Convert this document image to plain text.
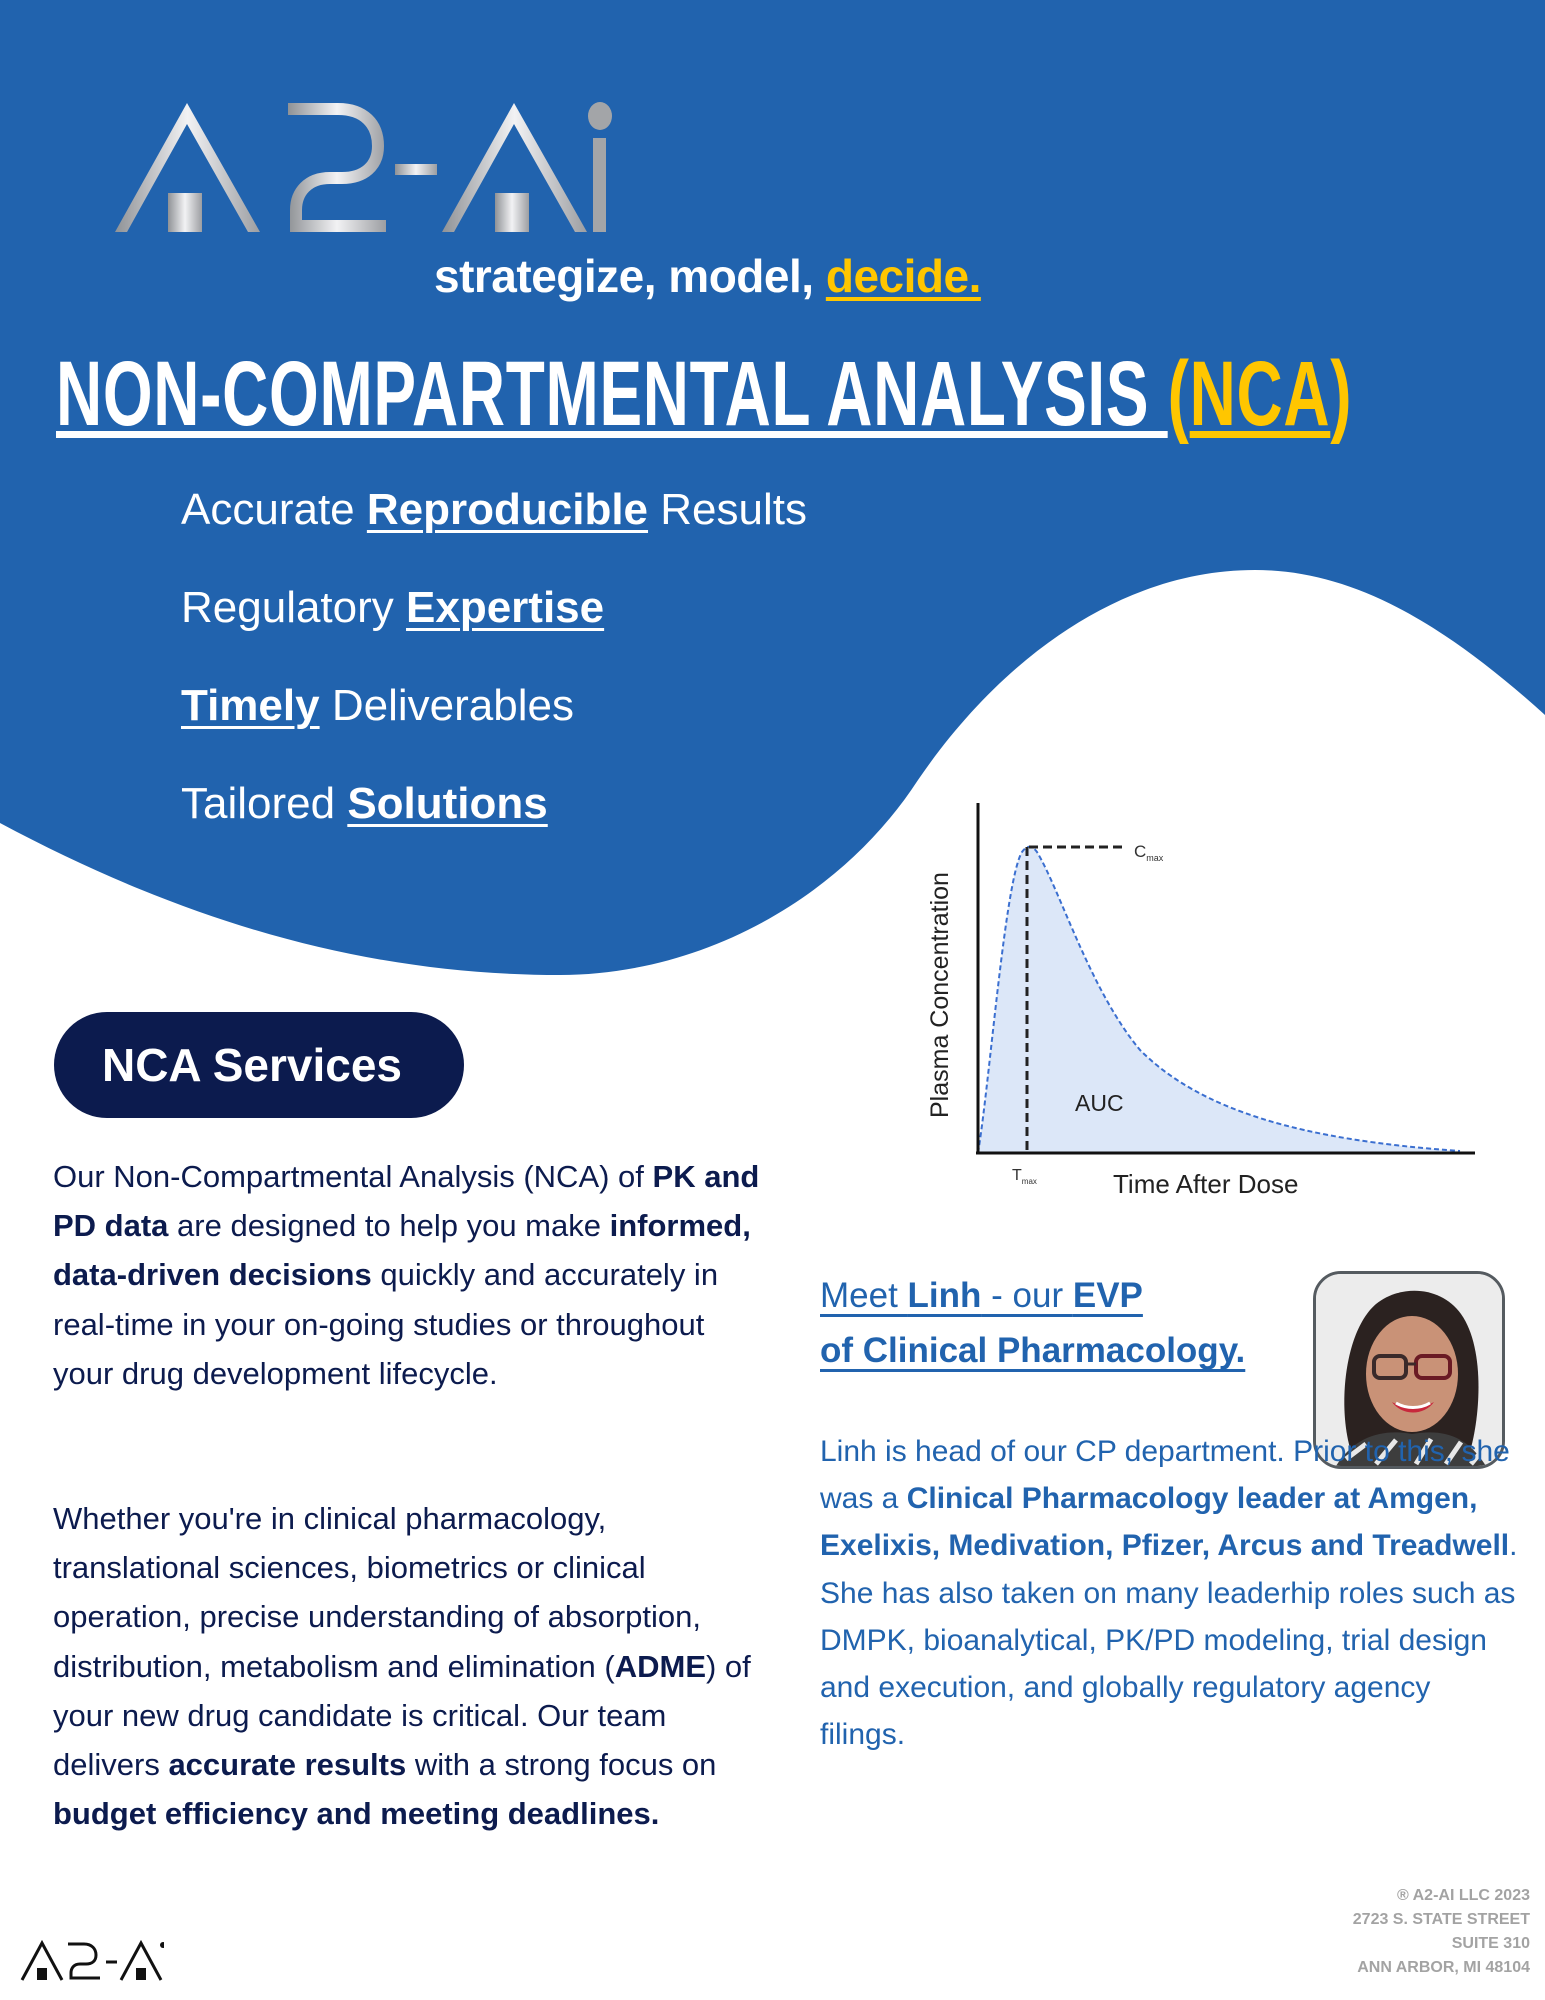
strategize, model, decide.
NON-COMPARTMENTAL ANALYSIS (NCA)
Accurate Reproducible Results
Regulatory Expertise
Timely Deliverables
Tailored Solutions
Plasma Concentration
Time After Dose
AUC
$C_{max}$
$T_{max}$
NCA Services
Our Non-Compartmental Analysis (NCA) of PK and PD data are designed to help you make informed, data-driven decisions quickly and accurately in real-time in your on-going studies or throughout your drug development lifecycle.
Whether you're in clinical pharmacology, translational sciences, biometrics or clinical operation, precise understanding of absorption, distribution, metabolism and elimination (ADME) of your new drug candidate is critical. Our team delivers accurate results with a strong focus on budget efficiency and meeting deadlines.
Meet Linh - our EVP
of Clinical Pharmacology.
Linh is head of our CP department. Prior to this, she was a Clinical Pharmacology leader at Amgen, Exelixis, Medivation, Pfizer, Arcus and Treadwell. She has also taken on many leaderhip roles such as DMPK, bioanalytical, PK/PD modeling, trial design and execution, and globally regulatory agency filings.
® A2-AI LLC 2023
2723 S. STATE STREET
SUITE 310
ANN ARBOR, MI 48104
